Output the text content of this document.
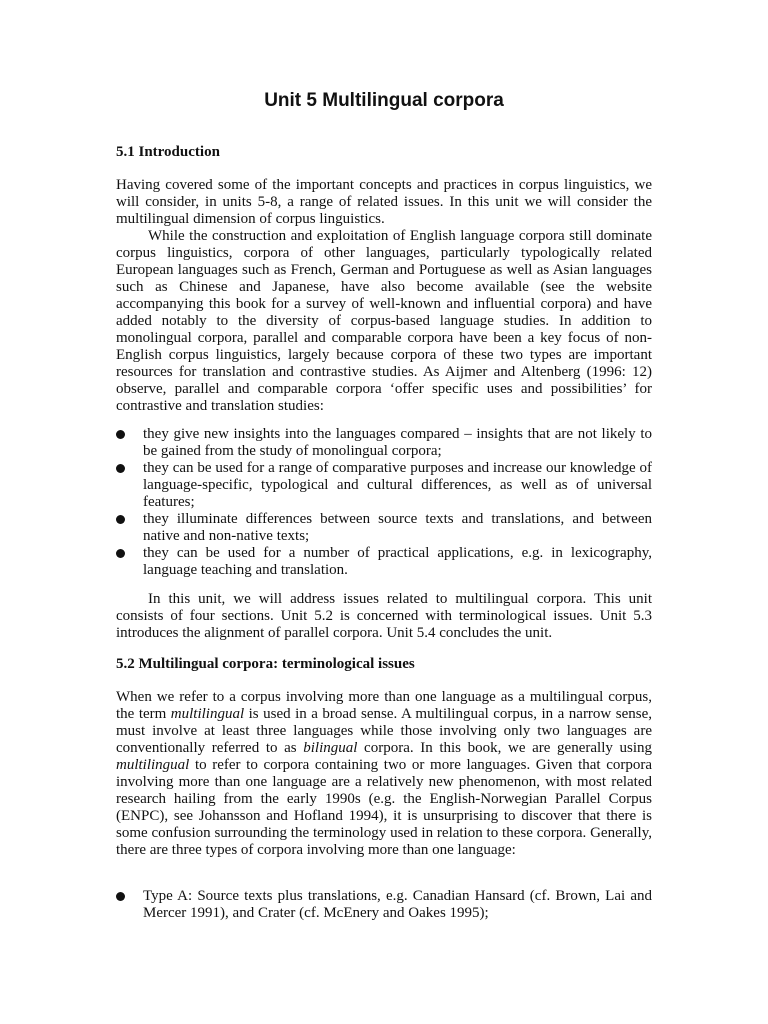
Unit 5 Multilingual corpora
5.1 Introduction

Having covered some of the important concepts and practices in corpus linguistics, we will consider, in units 5-8, a range of related issues. In this unit we will consider the multilingual dimension of corpus linguistics.

While the construction and exploitation of English language corpora still dominate corpus linguistics, corpora of other languages, particularly typologically related European languages such as French, German and Portuguese as well as Asian languages such as Chinese and Japanese, have also become available (see the website accompanying this book for a survey of well-known and influential corpora) and have added notably to the diversity of corpus-based language studies. In addition to monolingual corpora, parallel and comparable corpora have been a key focus of non-English corpus linguistics, largely because corpora of these two types are important resources for translation and contrastive studies. As Aijmer and Altenberg (1996: 12) observe, parallel and comparable corpora ‘offer specific uses and possibilities’ for contrastive and translation studies:

they give new insights into the languages compared – insights that are not likely to be gained from the study of monolingual corpora;
they can be used for a range of comparative purposes and increase our knowledge of language-specific, typological and cultural differences, as well as of universal features;
they illuminate differences between source texts and translations, and between native and non-native texts;
they can be used for a number of practical applications, e.g. in lexicography, language teaching and translation.

In this unit, we will address issues related to multilingual corpora. This unit consists of four sections. Unit 5.2 is concerned with terminological issues. Unit 5.3 introduces the alignment of parallel corpora. Unit 5.4 concludes the unit.

5.2 Multilingual corpora: terminological issues

When we refer to a corpus involving more than one language as a multilingual corpus, the term multilingual is used in a broad sense. A multilingual corpus, in a narrow sense, must involve at least three languages while those involving only two languages are conventionally referred to as bilingual corpora. In this book, we are generally using multilingual to refer to corpora containing two or more languages. Given that corpora involving more than one language are a relatively new phenomenon, with most related research hailing from the early 1990s (e.g. the English-Norwegian Parallel Corpus (ENPC), see Johansson and Hofland 1994), it is unsurprising to discover that there is some confusion surrounding the terminology used in relation to these corpora. Generally, there are three types of corpora involving more than one language:

Type A: Source texts plus translations, e.g. Canadian Hansard (cf. Brown, Lai and Mercer 1991), and Crater (cf. McEnery and Oakes 1995);
